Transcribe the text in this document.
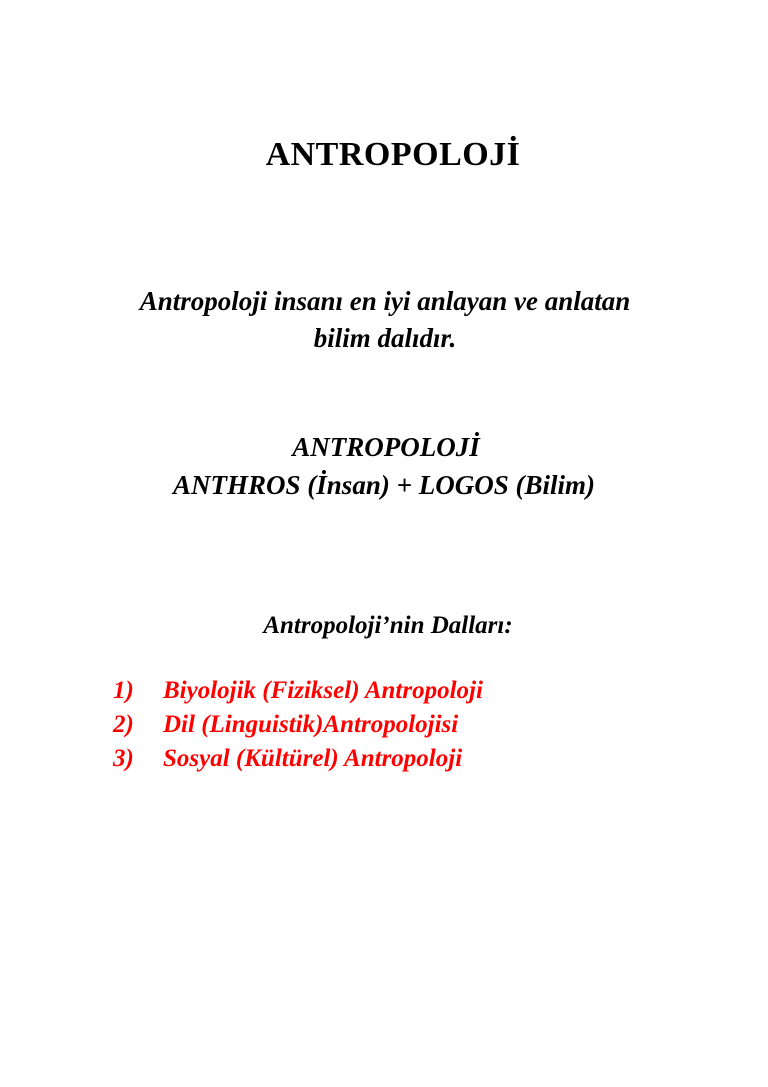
ANTROPOLOJİ

Antropoloji insanı en iyi anlayan ve anlatan
bilim dalıdır.

ANTROPOLOJİ
ANTHROS (İnsan) + LOGOS (Bilim)

Antropoloji’nin Dalları:

1) Biyolojik (Fiziksel) Antropoloji
2) Dil (Linguistik)Antropolojisi
3) Sosyal (Kültürel) Antropoloji
